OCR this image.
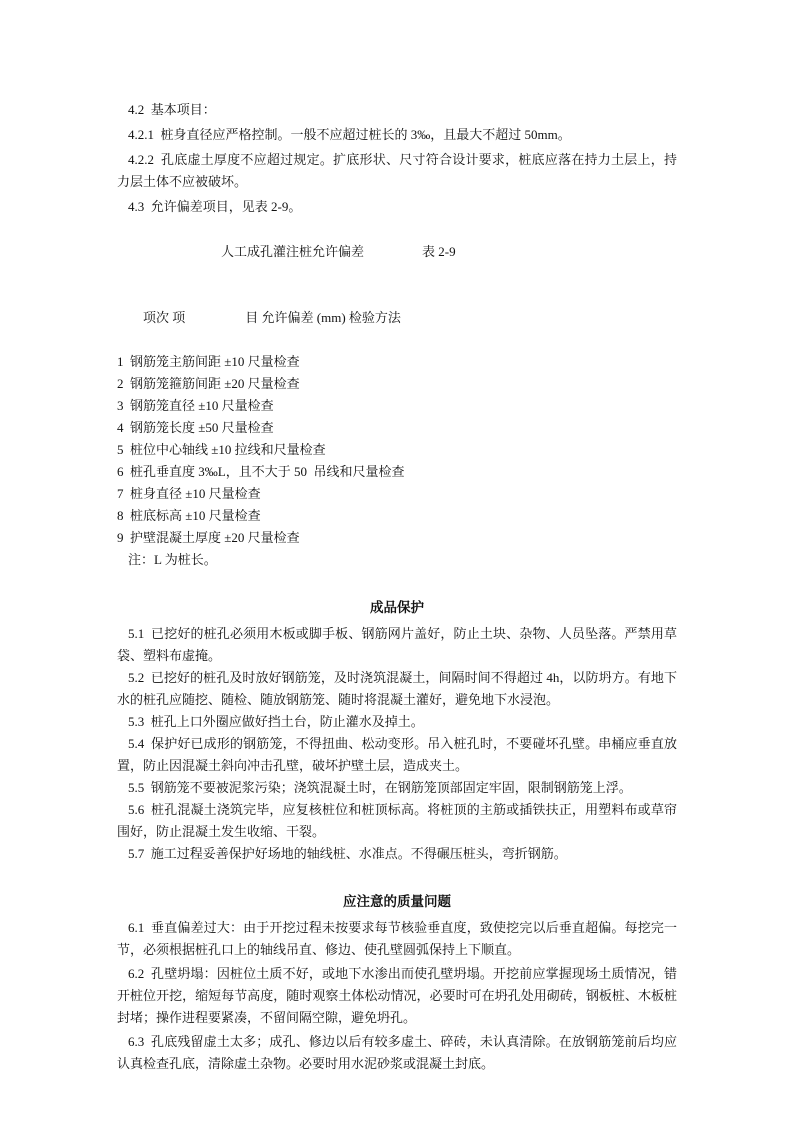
4.2  基本项目：

4.2.1  桩身直径应严格控制。一般不应超过桩长的 3‰，且最大不超过 50mm。

4.2.2  孔底虚土厚度不应超过规定。扩底形状、尺寸符合设计要求，桩底应落在持力土层上，持力层土体不应被破坏。

4.3  允许偏差项目，见表 2-9。

人工成孔灌注桩允许偏差	表 2-9

项次 项	目 允许偏差 (mm) 检验方法

1  钢筋笼主筋间距 ±10 尺量检查
2  钢筋笼箍筋间距 ±20 尺量检查
3  钢筋笼直径 ±10 尺量检查
4  钢筋笼长度 ±50 尺量检查
5  桩位中心轴线 ±10 拉线和尺量检查
6  桩孔垂直度 3‰L，且不大于 50  吊线和尺量检查
7  桩身直径 ±10 尺量检查
8  桩底标高 ±10 尺量检查
9  护壁混凝土厚度 ±20 尺量检查
注：L 为桩长。
成品保护

5.1  已挖好的桩孔必须用木板或脚手板、钢筋网片盖好，防止土块、杂物、人员坠落。严禁用草袋、塑料布虚掩。

5.2  已挖好的桩孔及时放好钢筋笼，及时浇筑混凝土，间隔时间不得超过 4h，以防坍方。有地下水的桩孔应随挖、随检、随放钢筋笼、随时将混凝土灌好，避免地下水浸泡。

5.3  桩孔上口外圈应做好挡土台，防止灌水及掉土。

5.4  保护好已成形的钢筋笼，不得扭曲、松动变形。吊入桩孔时，不要碰坏孔壁。串桶应垂直放置，防止因混凝土斜向冲击孔壁，破坏护壁土层，造成夹土。

5.5  钢筋笼不要被泥浆污染；浇筑混凝土时，在钢筋笼顶部固定牢固，限制钢筋笼上浮。

5.6  桩孔混凝土浇筑完毕，应复核桩位和桩顶标高。将桩顶的主筋或插铁扶正，用塑料布或草帘围好，防止混凝土发生收缩、干裂。

5.7  施工过程妥善保护好场地的轴线桩、水准点。不得碾压桩头，弯折钢筋。

应注意的质量问题

6.1  垂直偏差过大：由于开挖过程未按要求每节核验垂直度，致使挖完以后垂直超偏。每挖完一节，必须根据桩孔口上的轴线吊直、修边、使孔壁圆弧保持上下顺直。

6.2  孔壁坍塌：因桩位土质不好，或地下水渗出而使孔壁坍塌。开挖前应掌握现场土质情况，错开桩位开挖，缩短每节高度，随时观察土体松动情况，必要时可在坍孔处用砌砖，钢板桩、木板桩封堵；操作进程要紧凑，不留间隔空隙，避免坍孔。

6.3  孔底残留虚土太多；成孔、修边以后有较多虚土、碎砖，未认真清除。在放钢筋笼前后均应认真检查孔底，清除虚土杂物。必要时用水泥砂浆或混凝土封底。
